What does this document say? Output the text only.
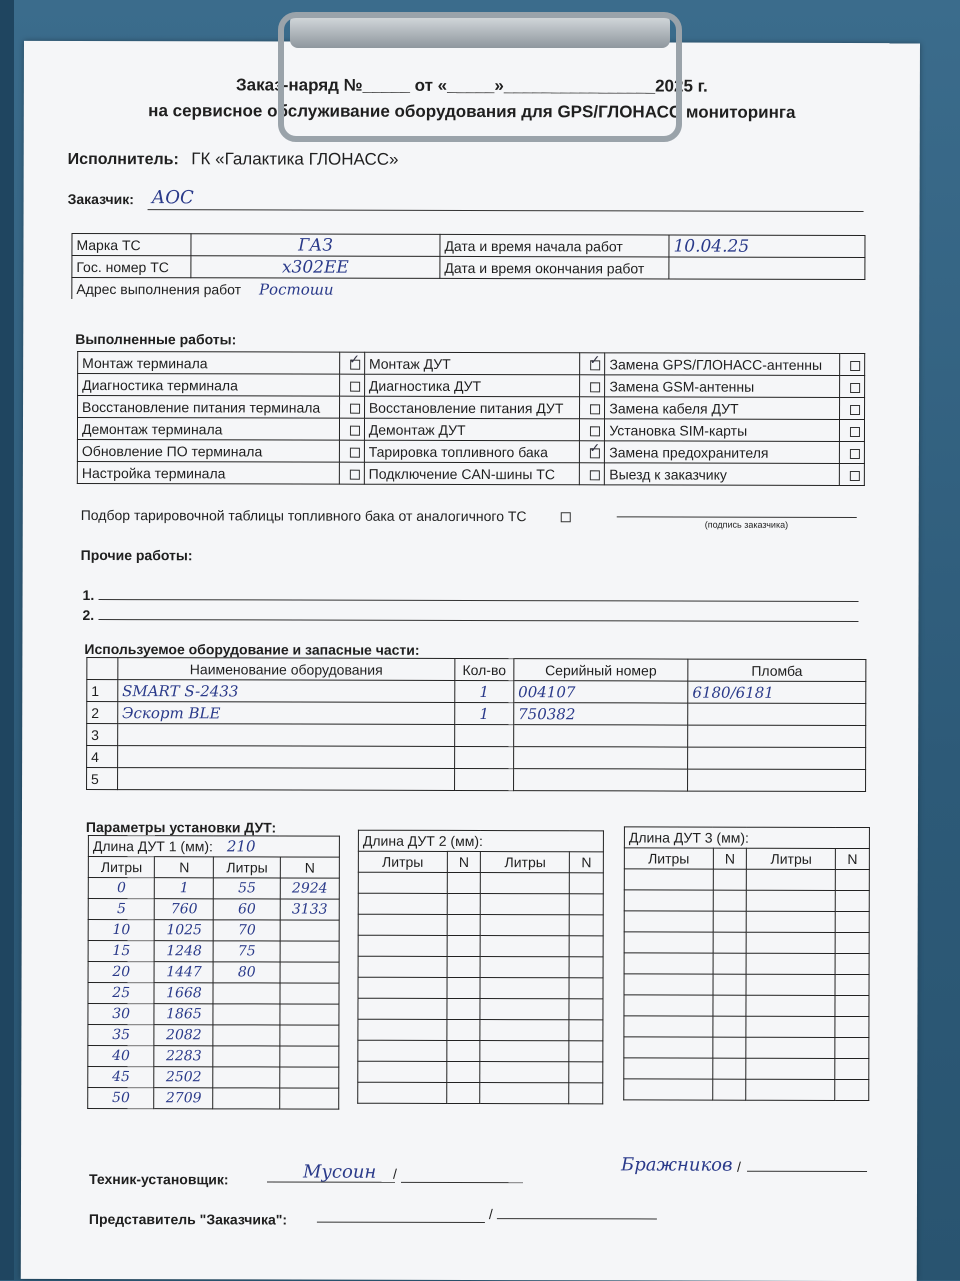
Заказ-наряд №_____ от «_____»________________2025 г.
на сервисное обслуживание оборудования для GPS/ГЛОНАСС мониторинга
Исполнитель: ГК «Галактика ГЛОНАСС»
Заказчик: АОС
Марка ТС	ГАЗ	Дата и время начала работ	10.04.25
Гос. номер ТС	х302ЕЕ	Дата и время окончания работ	
Адрес выполнения работ Ростоши			
Выполненные работы:
Монтаж терминала	✓	Монтаж ДУТ	✓	Замена GPS/ГЛОНАСС-антенны	
Диагностика терминала		Диагностика ДУТ		Замена GSM-антенны	
Восстановление питания терминала		Восстановление питания ДУТ		Замена кабеля ДУТ	
Демонтаж терминала		Демонтаж ДУТ		Установка SIM-карты	
Обновление ПО терминала		Тарировка топливного бака	✓	Замена предохранителя	
Настройка терминала		Подключение CAN-шины ТС		Выезд к заказчику	
Подбор тарировочной таблицы топливного бака от аналогичного ТС
(подпись заказчика)
Прочие работы:
1.
2.
Используемое оборудование и запасные части:
	Наименование оборудования	Кол-во	Серийный номер	Пломба
1	SMART S-2433	1	004107	6180/6181
2	Эскорт BLE	1	750382	
3				
4				
5				
Параметры установки ДУТ:
Длина ДУТ 1 (мм): 210			
Литры	N	Литры	N
0	1	55	2924
5	760	60	3133
10	1025	70	
15	1248	75	
20	1447	80	
25	1668		
30	1865		
35	2082		
40	2283		
45	2502		
50	2709		
Длина ДУТ 2 (мм):			
Литры	N	Литры	N

Длина ДУТ 3 (мм):			
Литры	N	Литры	N

Техник-установщик:	Мусоин /	Бражников /
Представитель "Заказчика":	/
